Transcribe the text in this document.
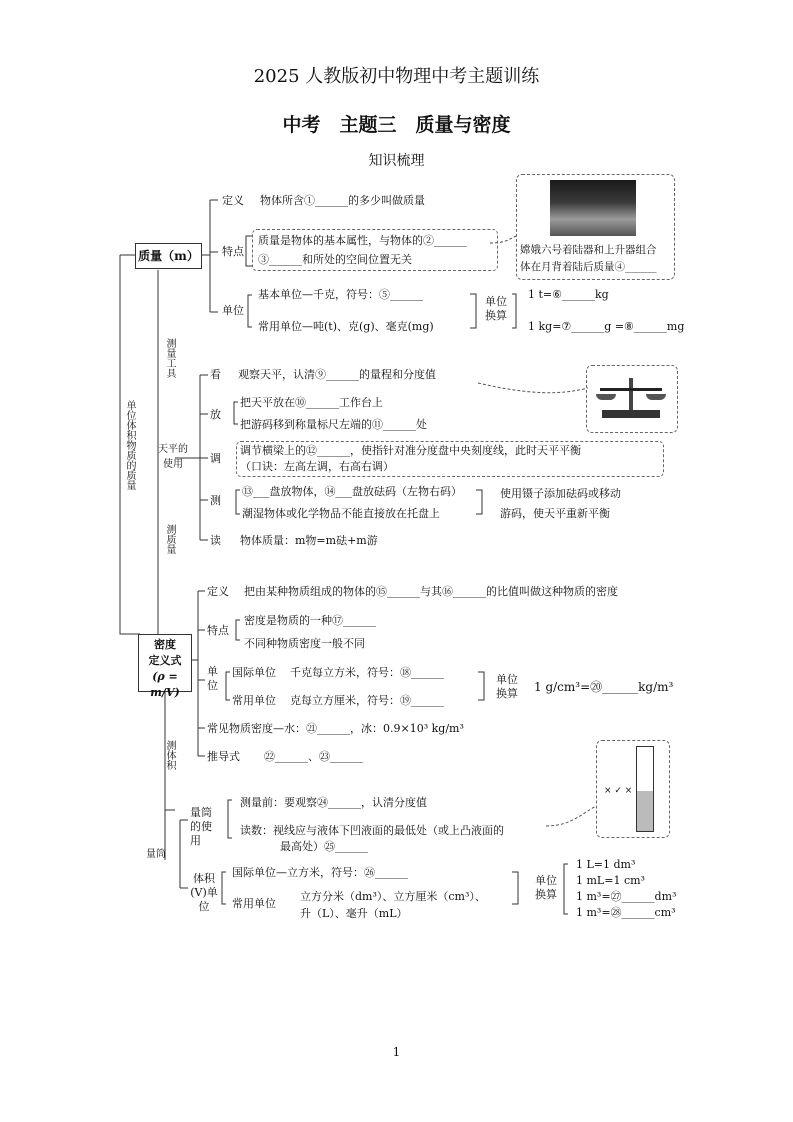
2025 人教版初中物理中考主题训练
中考　主题三　质量与密度
知识梳理
质量（m）
定义 物体所含①______的多少叫做质量
特点
质量是物体的基本属性，与物体的②______
③______和所处的空间位置无关
嫦娥六号着陆器和上升器组合
体在月背着陆后质量④______
单位
基本单位—千克，符号：⑤______
常用单位—吨(t)、克(g)、毫克(mg)
单位换算
1 t=⑥______kg
1 kg=⑦______g =⑧______mg
单位体积物质的质量
测量工具
天平的使用
测质量
看 观察天平，认清⑨______的量程和分度值
放
把天平放在⑩______工作台上
把游码移到称量标尺左端的⑪______处
调
调节横梁上的⑫______，使指针对准分度盘中央刻度线，此时天平平衡
（口诀：左高左调，右高右调）
测
⑬___盘放物体，⑭___盘放砝码（左物右码）
潮湿物体或化学物品不能直接放在托盘上
使用镊子添加砝码或移动
游码，使天平重新平衡
读 物体质量：m物=m砝+m游
密度
定义式
(ρ = m/V)
定义 把由某种物质组成的物体的⑮______与其⑯______的比值叫做这种物质的密度
特点
密度是物质的一种⑰______
不同种物质密度一般不同
单位
国际单位 千克每立方米，符号：⑱______
常用单位 克每立方厘米，符号：⑲______
单位换算 1 g/cm³=⑳______kg/m³
常见物质密度—水：㉑______，冰：0.9×10³ kg/m³
推导式 ㉒______、㉓______
测体积
量筒
量筒的使用
测量前：要观察㉔______，认清分度值
读数：视线应与液体下凹液面的最低处（或上凸液面的
最高处）㉕______
× ✓ ×
体积(V)单位
国际单位—立方米，符号：㉖______
常用单位
立方分米（dm³）、立方厘米（cm³）、
升（L）、毫升（mL）
单位换算
1 L=1 dm³
1 mL=1 cm³
1 m³=㉗______dm³
1 m³=㉘______cm³
1
